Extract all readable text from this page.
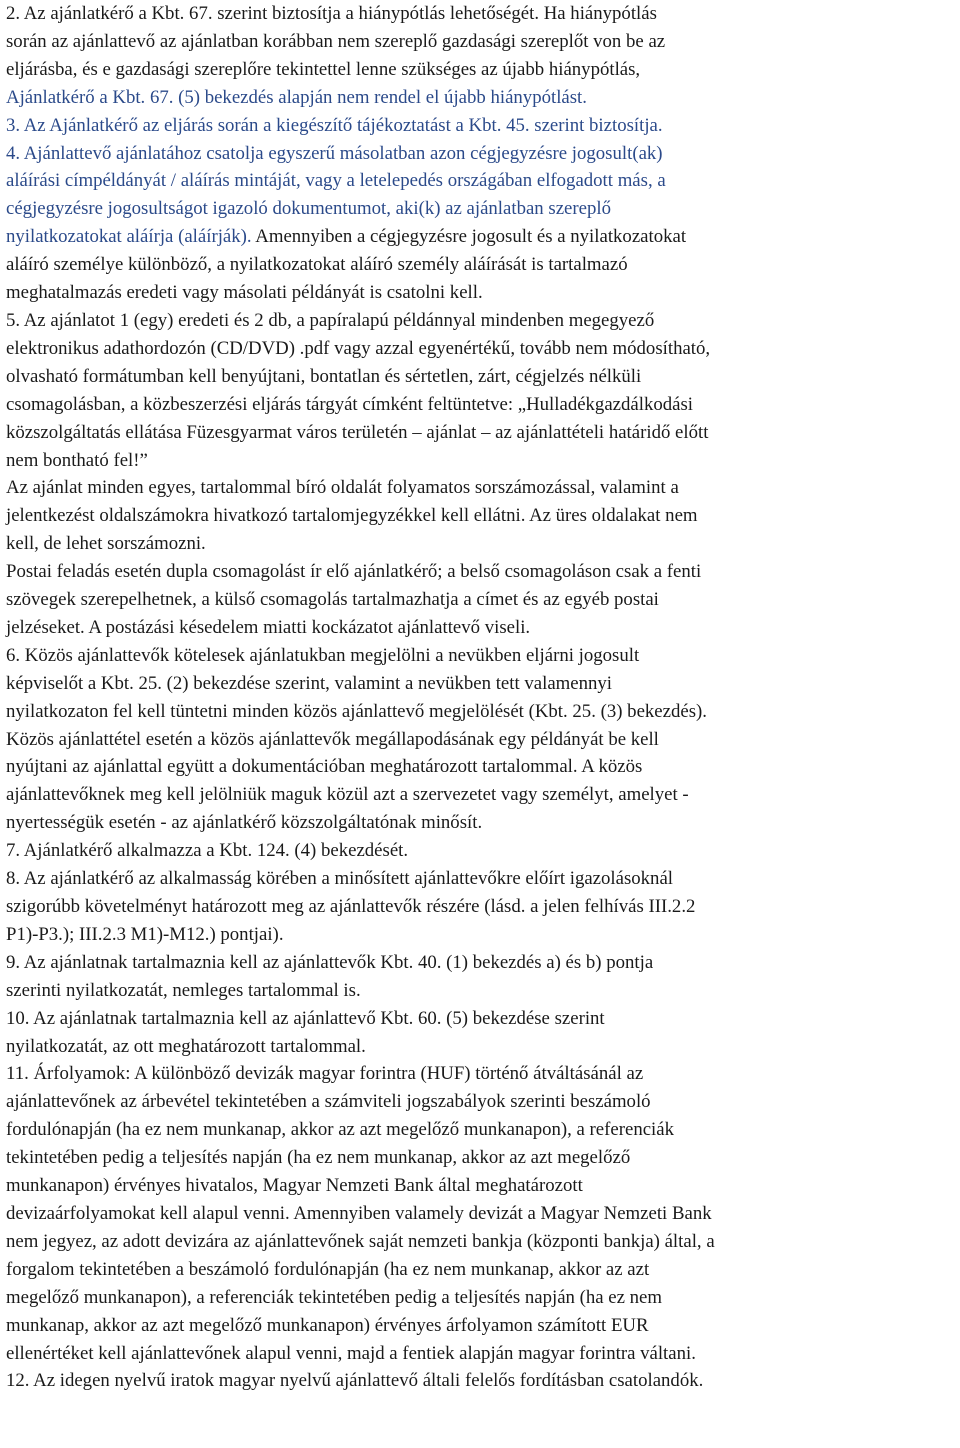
2. Az ajánlatkérő a Kbt. 67. szerint biztosítja a hiánypótlás lehetőségét. Ha hiánypótlás
során az ajánlattevő az ajánlatban korábban nem szereplő gazdasági szereplőt von be az
eljárásba, és e gazdasági szereplőre tekintettel lenne szükséges az újabb hiánypótlás,
Ajánlatkérő a Kbt. 67. (5) bekezdés alapján nem rendel el újabb hiánypótlást.
3. Az Ajánlatkérő az eljárás során a kiegészítő tájékoztatást a Kbt. 45. szerint biztosítja.
4. Ajánlattevő ajánlatához csatolja egyszerű másolatban azon cégjegyzésre jogosult(ak)
aláírási címpéldányát / aláírás mintáját, vagy a letelepedés országában elfogadott más, a
cégjegyzésre jogosultságot igazoló dokumentumot, aki(k) az ajánlatban szereplő
nyilatkozatokat aláírja (aláírják). Amennyiben a cégjegyzésre jogosult és a nyilatkozatokat
aláíró személye különböző, a nyilatkozatokat aláíró személy aláírását is tartalmazó
meghatalmazás eredeti vagy másolati példányát is csatolni kell.
5. Az ajánlatot 1 (egy) eredeti és 2 db, a papíralapú példánnyal mindenben megegyező
elektronikus adathordozón (CD/DVD) .pdf vagy azzal egyenértékű, tovább nem módosítható,
olvasható formátumban kell benyújtani, bontatlan és sértetlen, zárt, cégjelzés nélküli
csomagolásban, a közbeszerzési eljárás tárgyát címként feltüntetve: „Hulladékgazdálkodási
közszolgáltatás ellátása Füzesgyarmat város területén – ajánlat – az ajánlattételi határidő előtt
nem bontható fel!”
Az ajánlat minden egyes, tartalommal bíró oldalát folyamatos sorszámozással, valamint a
jelentkezést oldalszámokra hivatkozó tartalomjegyzékkel kell ellátni. Az üres oldalakat nem
kell, de lehet sorszámozni.
Postai feladás esetén dupla csomagolást ír elő ajánlatkérő; a belső csomagoláson csak a fenti
szövegek szerepelhetnek, a külső csomagolás tartalmazhatja a címet és az egyéb postai
jelzéseket. A postázási késedelem miatti kockázatot ajánlattevő viseli.
6. Közös ajánlattevők kötelesek ajánlatukban megjelölni a nevükben eljárni jogosult
képviselőt a Kbt. 25. (2) bekezdése szerint, valamint a nevükben tett valamennyi
nyilatkozaton fel kell tüntetni minden közös ajánlattevő megjelölését (Kbt. 25. (3) bekezdés).
Közös ajánlattétel esetén a közös ajánlattevők megállapodásának egy példányát be kell
nyújtani az ajánlattal együtt a dokumentációban meghatározott tartalommal. A közös
ajánlattevőknek meg kell jelölniük maguk közül azt a szervezetet vagy személyt, amelyet -
nyertességük esetén - az ajánlatkérő közszolgáltatónak minősít.
7. Ajánlatkérő alkalmazza a Kbt. 124. (4) bekezdését.
8. Az ajánlatkérő az alkalmasság körében a minősített ajánlattevőkre előírt igazolásoknál
szigorúbb követelményt határozott meg az ajánlattevők részére (lásd. a jelen felhívás III.2.2
P1)-P3.); III.2.3 M1)-M12.) pontjai).
9. Az ajánlatnak tartalmaznia kell az ajánlattevők Kbt. 40. (1) bekezdés a) és b) pontja
szerinti nyilatkozatát, nemleges tartalommal is.
10. Az ajánlatnak tartalmaznia kell az ajánlattevő Kbt. 60. (5) bekezdése szerint
nyilatkozatát, az ott meghatározott tartalommal.
11. Árfolyamok: A különböző devizák magyar forintra (HUF) történő átváltásánál az
ajánlattevőnek az árbevétel tekintetében a számviteli jogszabályok szerinti beszámoló
fordulónapján (ha ez nem munkanap, akkor az azt megelőző munkanapon), a referenciák
tekintetében pedig a teljesítés napján (ha ez nem munkanap, akkor az azt megelőző
munkanapon) érvényes hivatalos, Magyar Nemzeti Bank által meghatározott
devizaárfolyamokat kell alapul venni. Amennyiben valamely devizát a Magyar Nemzeti Bank
nem jegyez, az adott devizára az ajánlattevőnek saját nemzeti bankja (központi bankja) által, a
forgalom tekintetében a beszámoló fordulónapján (ha ez nem munkanap, akkor az azt
megelőző munkanapon), a referenciák tekintetében pedig a teljesítés napján (ha ez nem
munkanap, akkor az azt megelőző munkanapon) érvényes árfolyamon számított EUR
ellenértéket kell ajánlattevőnek alapul venni, majd a fentiek alapján magyar forintra váltani.
12. Az idegen nyelvű iratok magyar nyelvű ajánlattevő általi felelős fordításban csatolandók.
